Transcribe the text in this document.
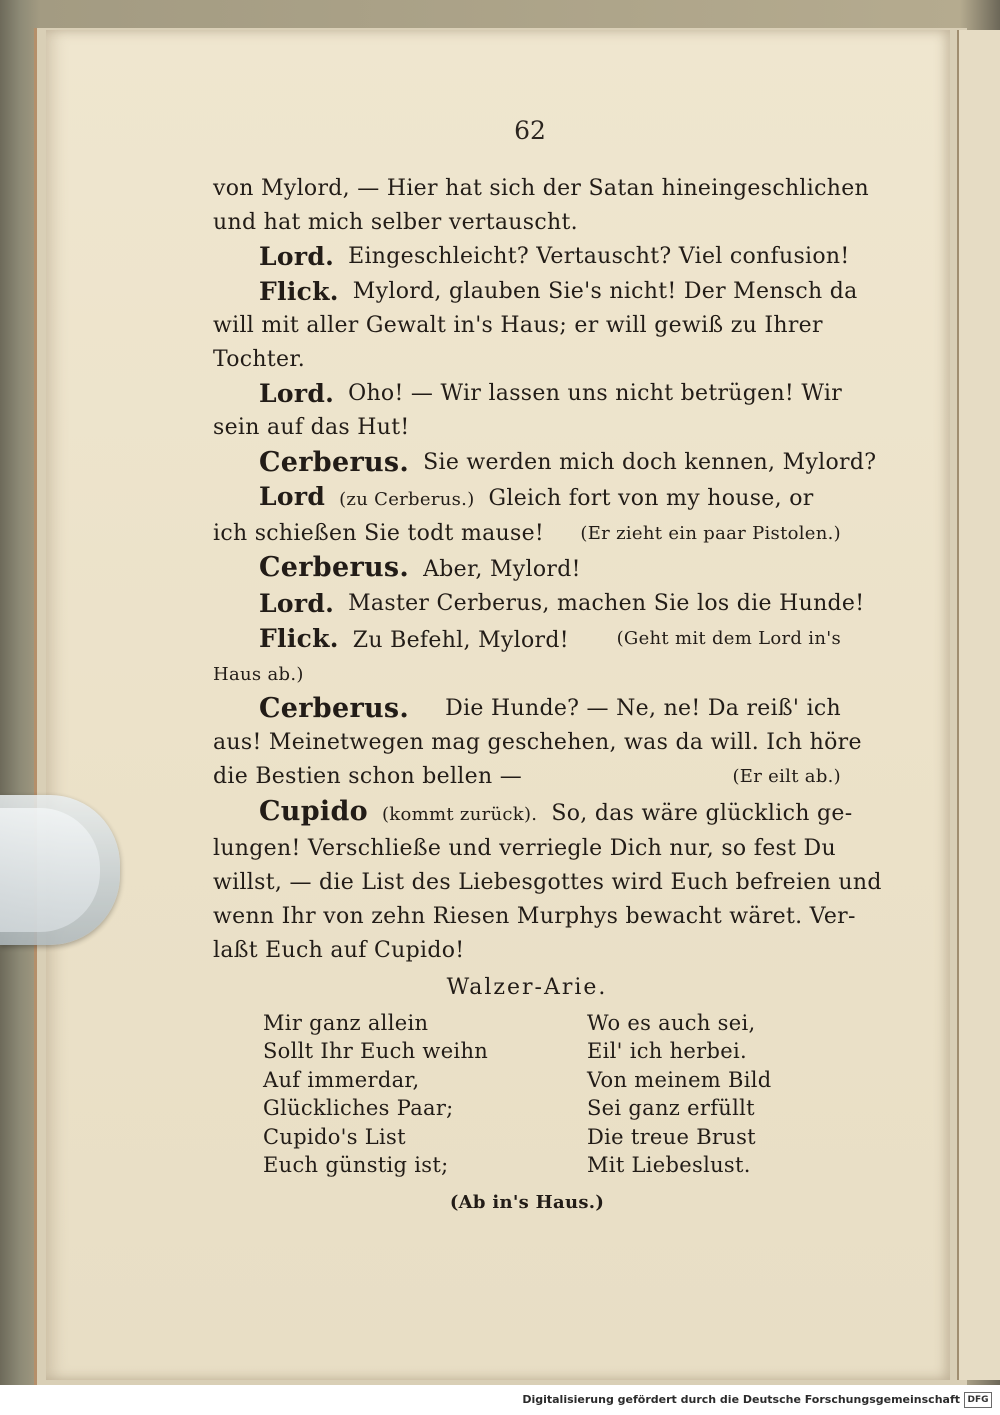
62
von Mylord, — Hier hat sich der Satan hineingeschlichen
und hat mich selber vertauscht.
Lord. Eingeschleicht? Vertauscht? Viel confusion!
Flick. Mylord, glauben Sie's nicht! Der Mensch da
will mit aller Gewalt in's Haus; er will gewiß zu Ihrer
Tochter.
Lord. Oho! — Wir lassen uns nicht betrügen! Wir
sein auf das Hut!
Cerberus. Sie werden mich doch kennen, Mylord?
Lord (zu Cerberus.) Gleich fort von my house, or
ich schießen Sie todt mause! (Er zieht ein paar Pistolen.)
Cerberus. Aber, Mylord!
Lord. Master Cerberus, machen Sie los die Hunde!
Flick. Zu Befehl, Mylord!	(Geht mit dem Lord in's
Haus ab.)
Cerberus. Die Hunde? — Ne, ne! Da reiß' ich
aus! Meinetwegen mag geschehen, was da will. Ich höre
die Bestien schon bellen —	(Er eilt ab.)
Cupido (kommt zurück). So, das wäre glücklich ge-
lungen! Verschließe und verriegle Dich nur, so fest Du
willst, — die List des Liebesgottes wird Euch befreien und
wenn Ihr von zehn Riesen Murphys bewacht wäret. Ver-
laßt Euch auf Cupido!
Walzer-Arie.
Mir ganz allein
Sollt Ihr Euch weihn
Auf immerdar,
Glückliches Paar;
Cupido's List
Euch günstig ist;
Wo es auch sei,
Eil' ich herbei.
Von meinem Bild
Sei ganz erfüllt
Die treue Brust
Mit Liebeslust.
(Ab in's Haus.)
Digitalisierung gefördert durch die Deutsche Forschungsgemeinschaft DFG
